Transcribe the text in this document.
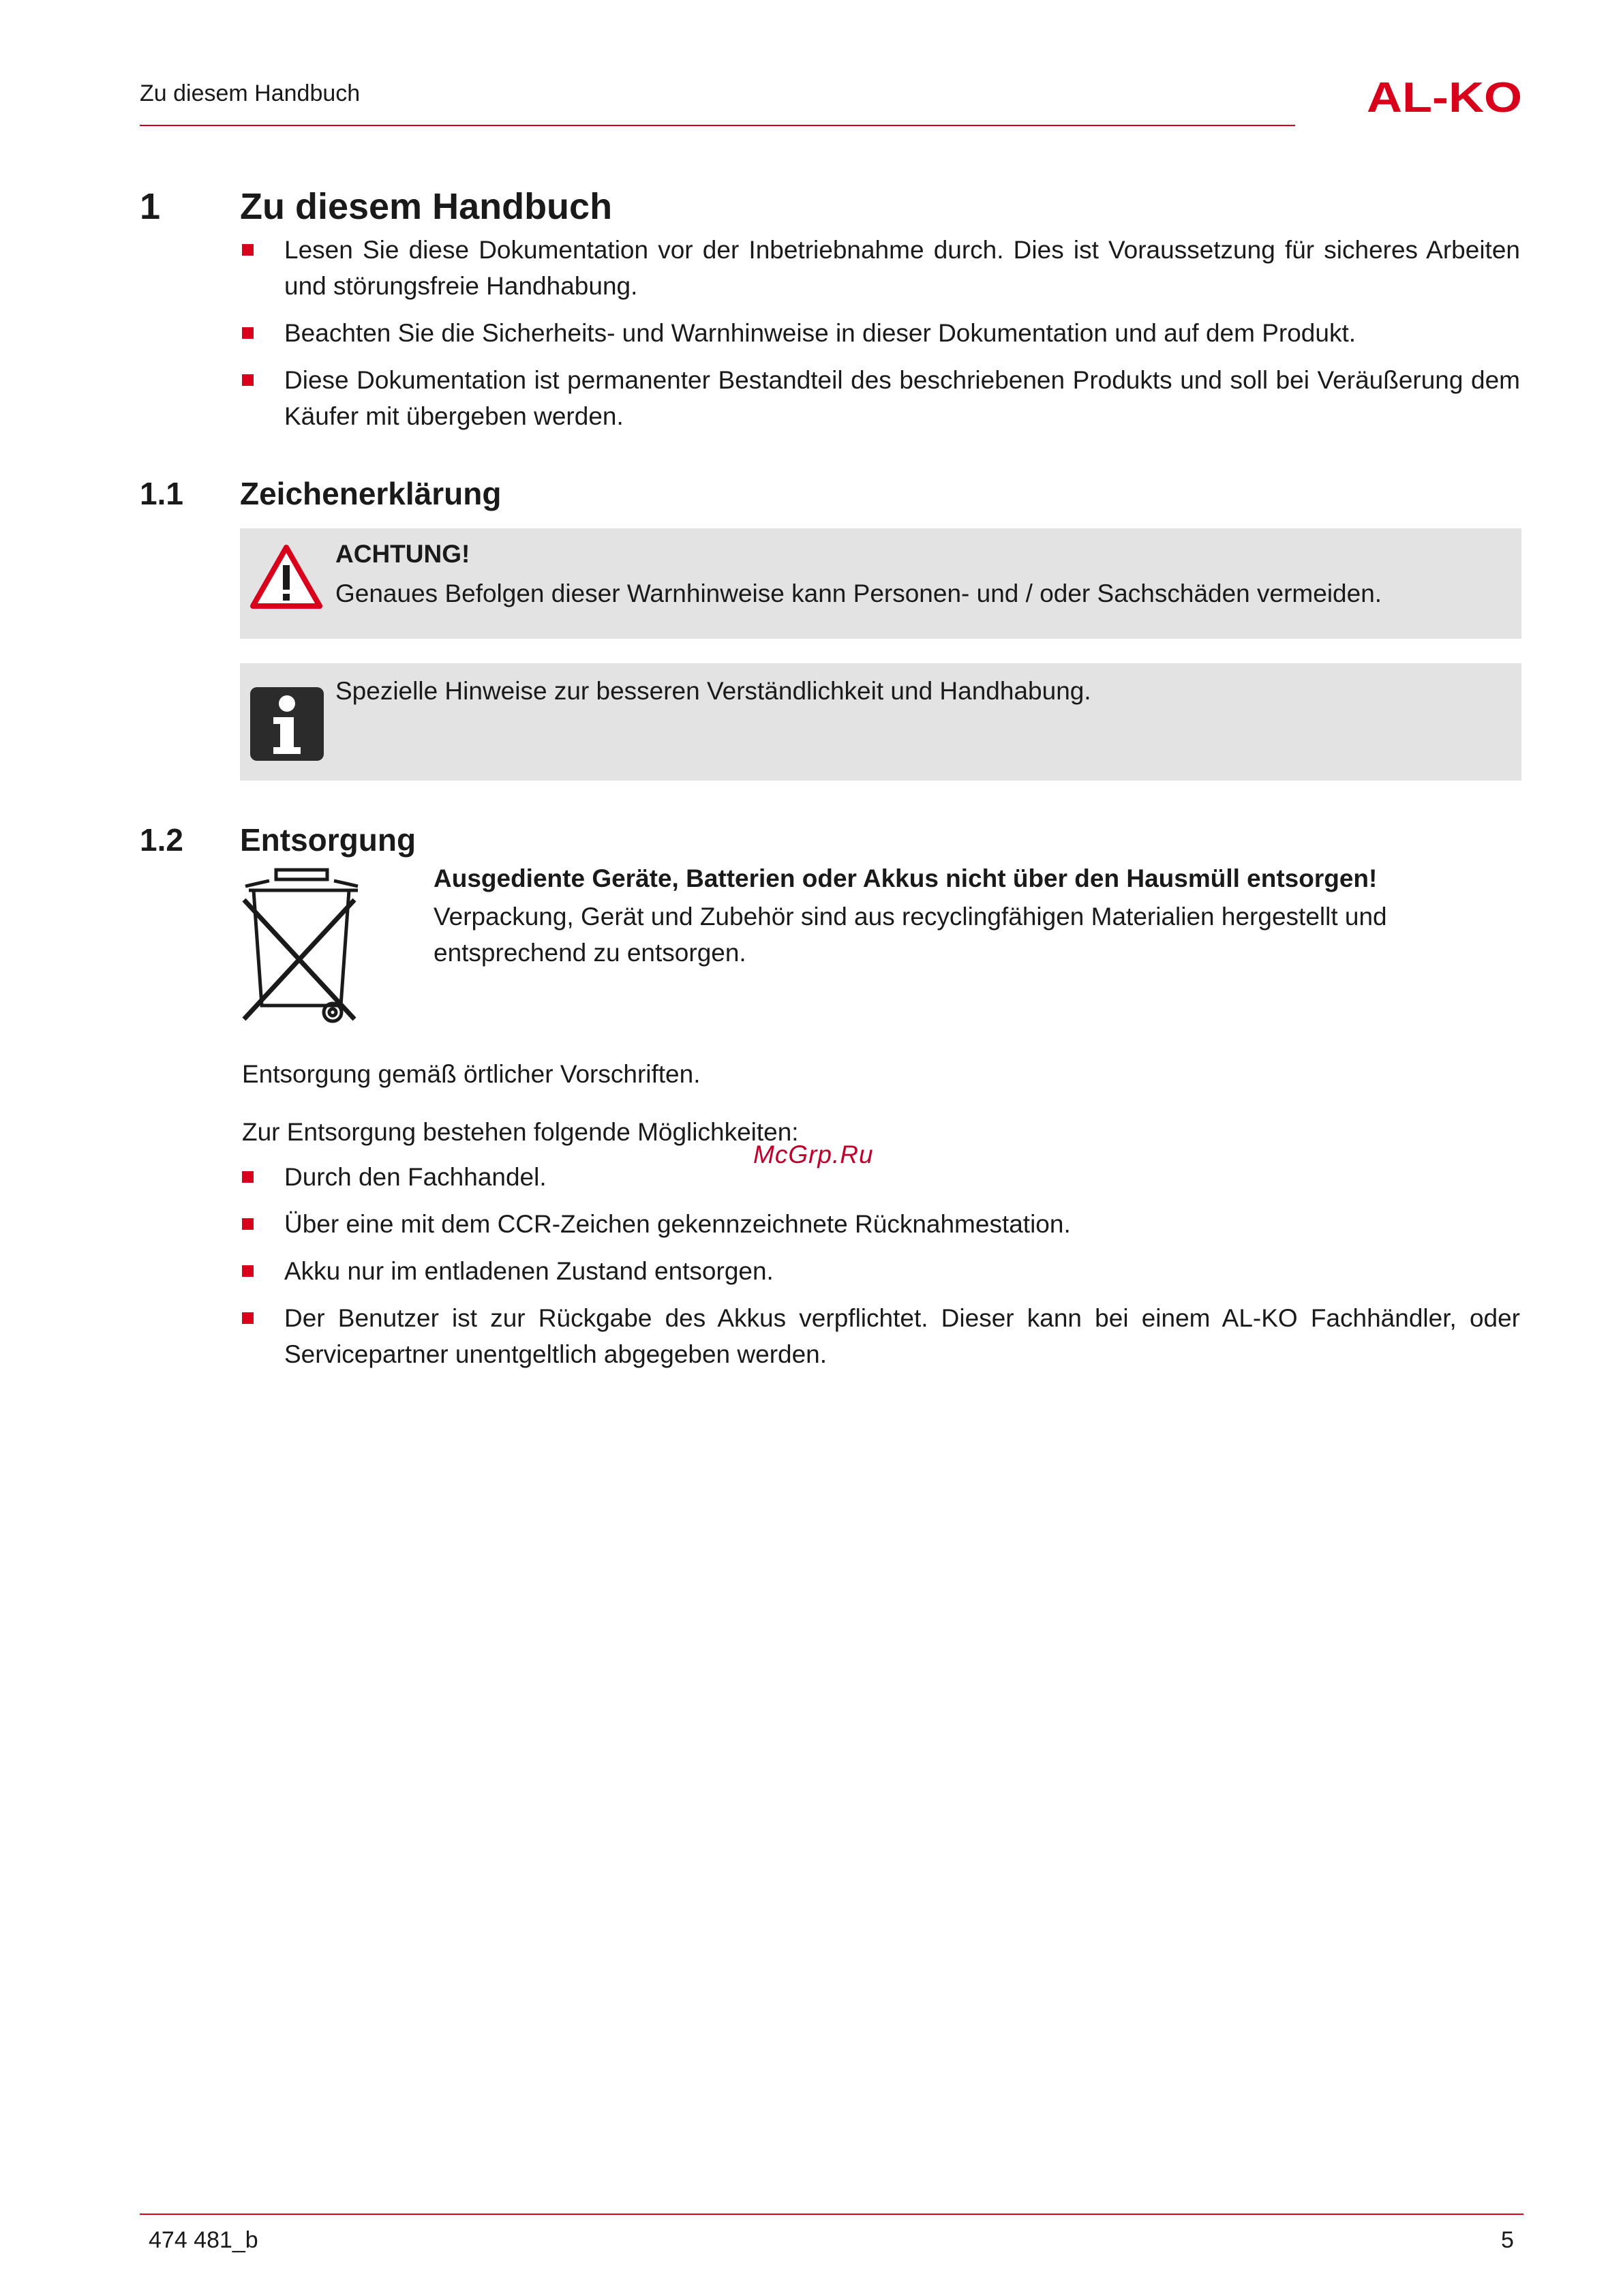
Zu diesem Handbuch	AL-KO
1 Zu diesem Handbuch
Lesen Sie diese Dokumentation vor der Inbetriebnahme durch. Dies ist Voraussetzung für sicheres Arbeiten und störungsfreie Handhabung.
Beachten Sie die Sicherheits- und Warnhinweise in dieser Dokumentation und auf dem Produkt.
Diese Dokumentation ist permanenter Bestandteil des beschriebenen Produkts und soll bei Veräußerung dem Käufer mit übergeben werden.
1.1 Zeichenerklärung
ACHTUNG!
Genaues Befolgen dieser Warnhinweise kann Personen- und / oder Sachschäden vermeiden.
Spezielle Hinweise zur besseren Verständlichkeit und Handhabung.
1.2 Entsorgung
Ausgediente Geräte, Batterien oder Akkus nicht über den Hausmüll entsorgen!
Verpackung, Gerät und Zubehör sind aus recyclingfähigen Materialien hergestellt und entsprechend zu entsorgen.
Entsorgung gemäß örtlicher Vorschriften.
Zur Entsorgung bestehen folgende Möglichkeiten:
McGrp.Ru
Durch den Fachhandel.
Über eine mit dem CCR-Zeichen gekennzeichnete Rücknahmestation.
Akku nur im entladenen Zustand entsorgen.
Der Benutzer ist zur Rückgabe des Akkus verpflichtet. Dieser kann bei einem AL-KO Fachhändler, oder Servicepartner unentgeltlich abgegeben werden.
474 481_b	5
